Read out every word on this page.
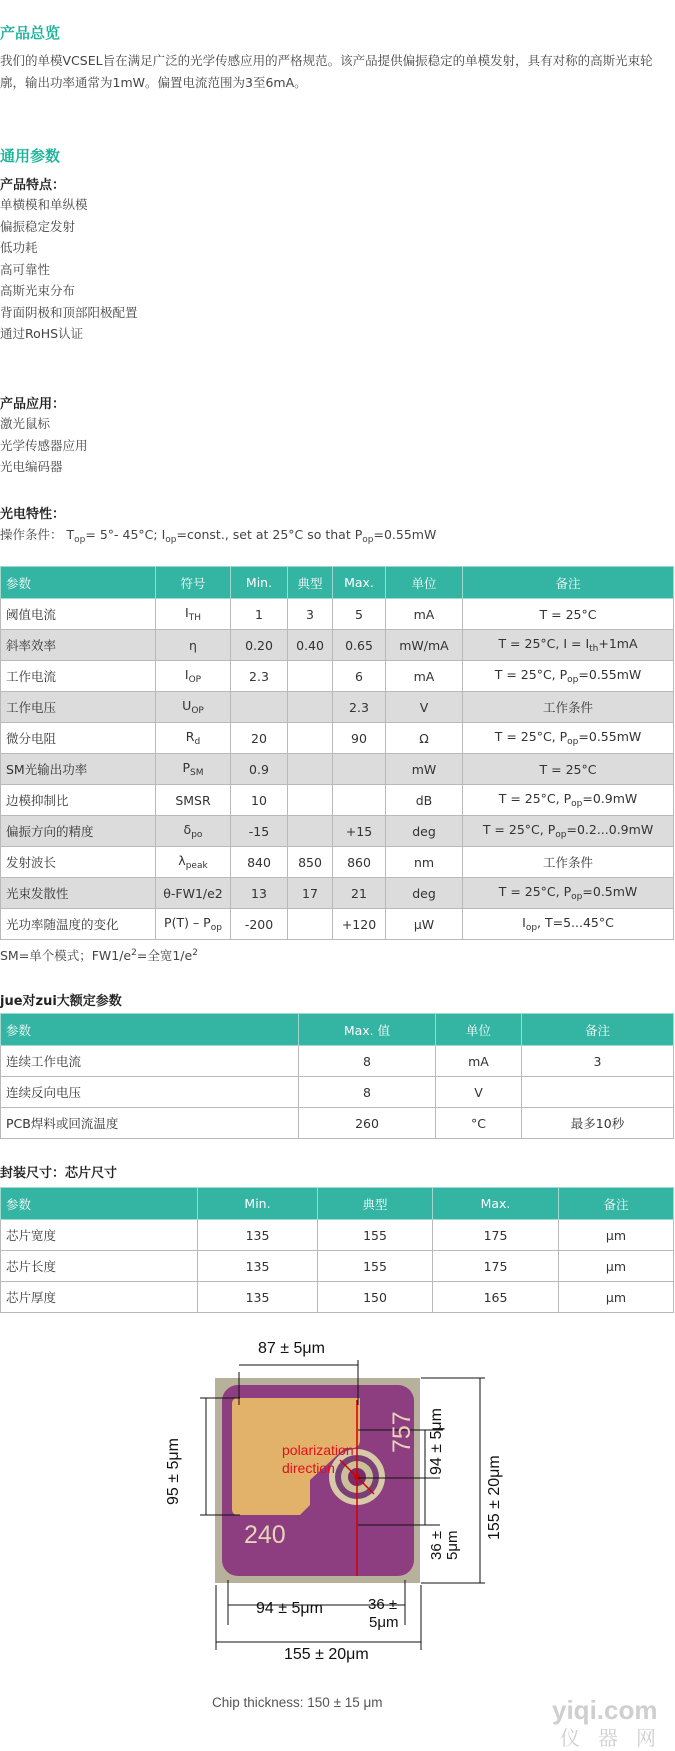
产品总览

我们的单模VCSEL旨在满足广泛的光学传感应用的严格规范。该产品提供偏振稳定的单模发射，具有对称的高斯光束轮廓，输出功率通常为1mW。偏置电流范围为3至6mA。

通用参数

产品特点：

单横模和单纵模

偏振稳定发射

低功耗

高可靠性

高斯光束分布

背面阴极和顶部阳极配置

通过RoHS认证

产品应用：

激光鼠标

光学传感器应用

光电编码器

光电特性：

操作条件： $T_{op}= 5^\circ-$ 45°C; $I_{op}=const$., set at 25°C so that $P_{op}=0.55mW$

参数	符号	Min.	典型	Max.	单位	备注
阈值电流	$I_{TH}$	1	3	5	mA	T = 25°C
斜率效率	η	0.20	0.40	0.65	mW/mA	T = 25°C, $I = I_{th}+1mA$
工作电流	$I_{OP}$	2.3		6	mA	T = 25°C, $P_{op}=0.55mW$
工作电压	$U_{OP}$			2.3	V	工作条件
微分电阻	$R_d$	20		90	Ω	T = 25°C, $P_{op}=0.55mW$
SM光输出功率	$P_{SM}$	0.9			mW	T = 25°C
边模抑制比	SMSR	10			dB	T = 25°C, $P_{op}=0.9mW$
偏振方向的精度	$\delta_{po}$	-15		+15	deg	T = 25°C, $P_{op}=0.2...0.9mW$
发射波长	$\lambda_{peak}$	840	850	860	nm	工作条件
光束发散性	θ-FW1/e2	13	17	21	deg	T = 25°C, $P_{op}=0.5mW$
光功率随温度的变化	$P(T) - P_{op}$	-200		+120	μW	$I_{op}$, T=5...45°C

SM=单个模式；$FW1/e^2=$全宽$1/e^2$

jue对zui大额定参数

参数	Max. 值	单位	备注
连续工作电流	8	mA	3
连续反向电压	8	V	
PCB焊料或回流温度	260	°C	最多10秒

封装尺寸：芯片尺寸

参数	Min.	典型	Max.	备注
芯片宽度	135	155	175	μm
芯片长度	135	155	175	μm
芯片厚度	135	150	165	μm
87 ± 5μm
95 ± 5μm	94 ± 5μm
36 ± 5μm
155 ± 20μm
94 ± 5μm	36 ±
5μm
155 ± 20μm
polarization
direction
240
757
Chip thickness: 150 ± 15 μm	yiqi.com
仪器网
